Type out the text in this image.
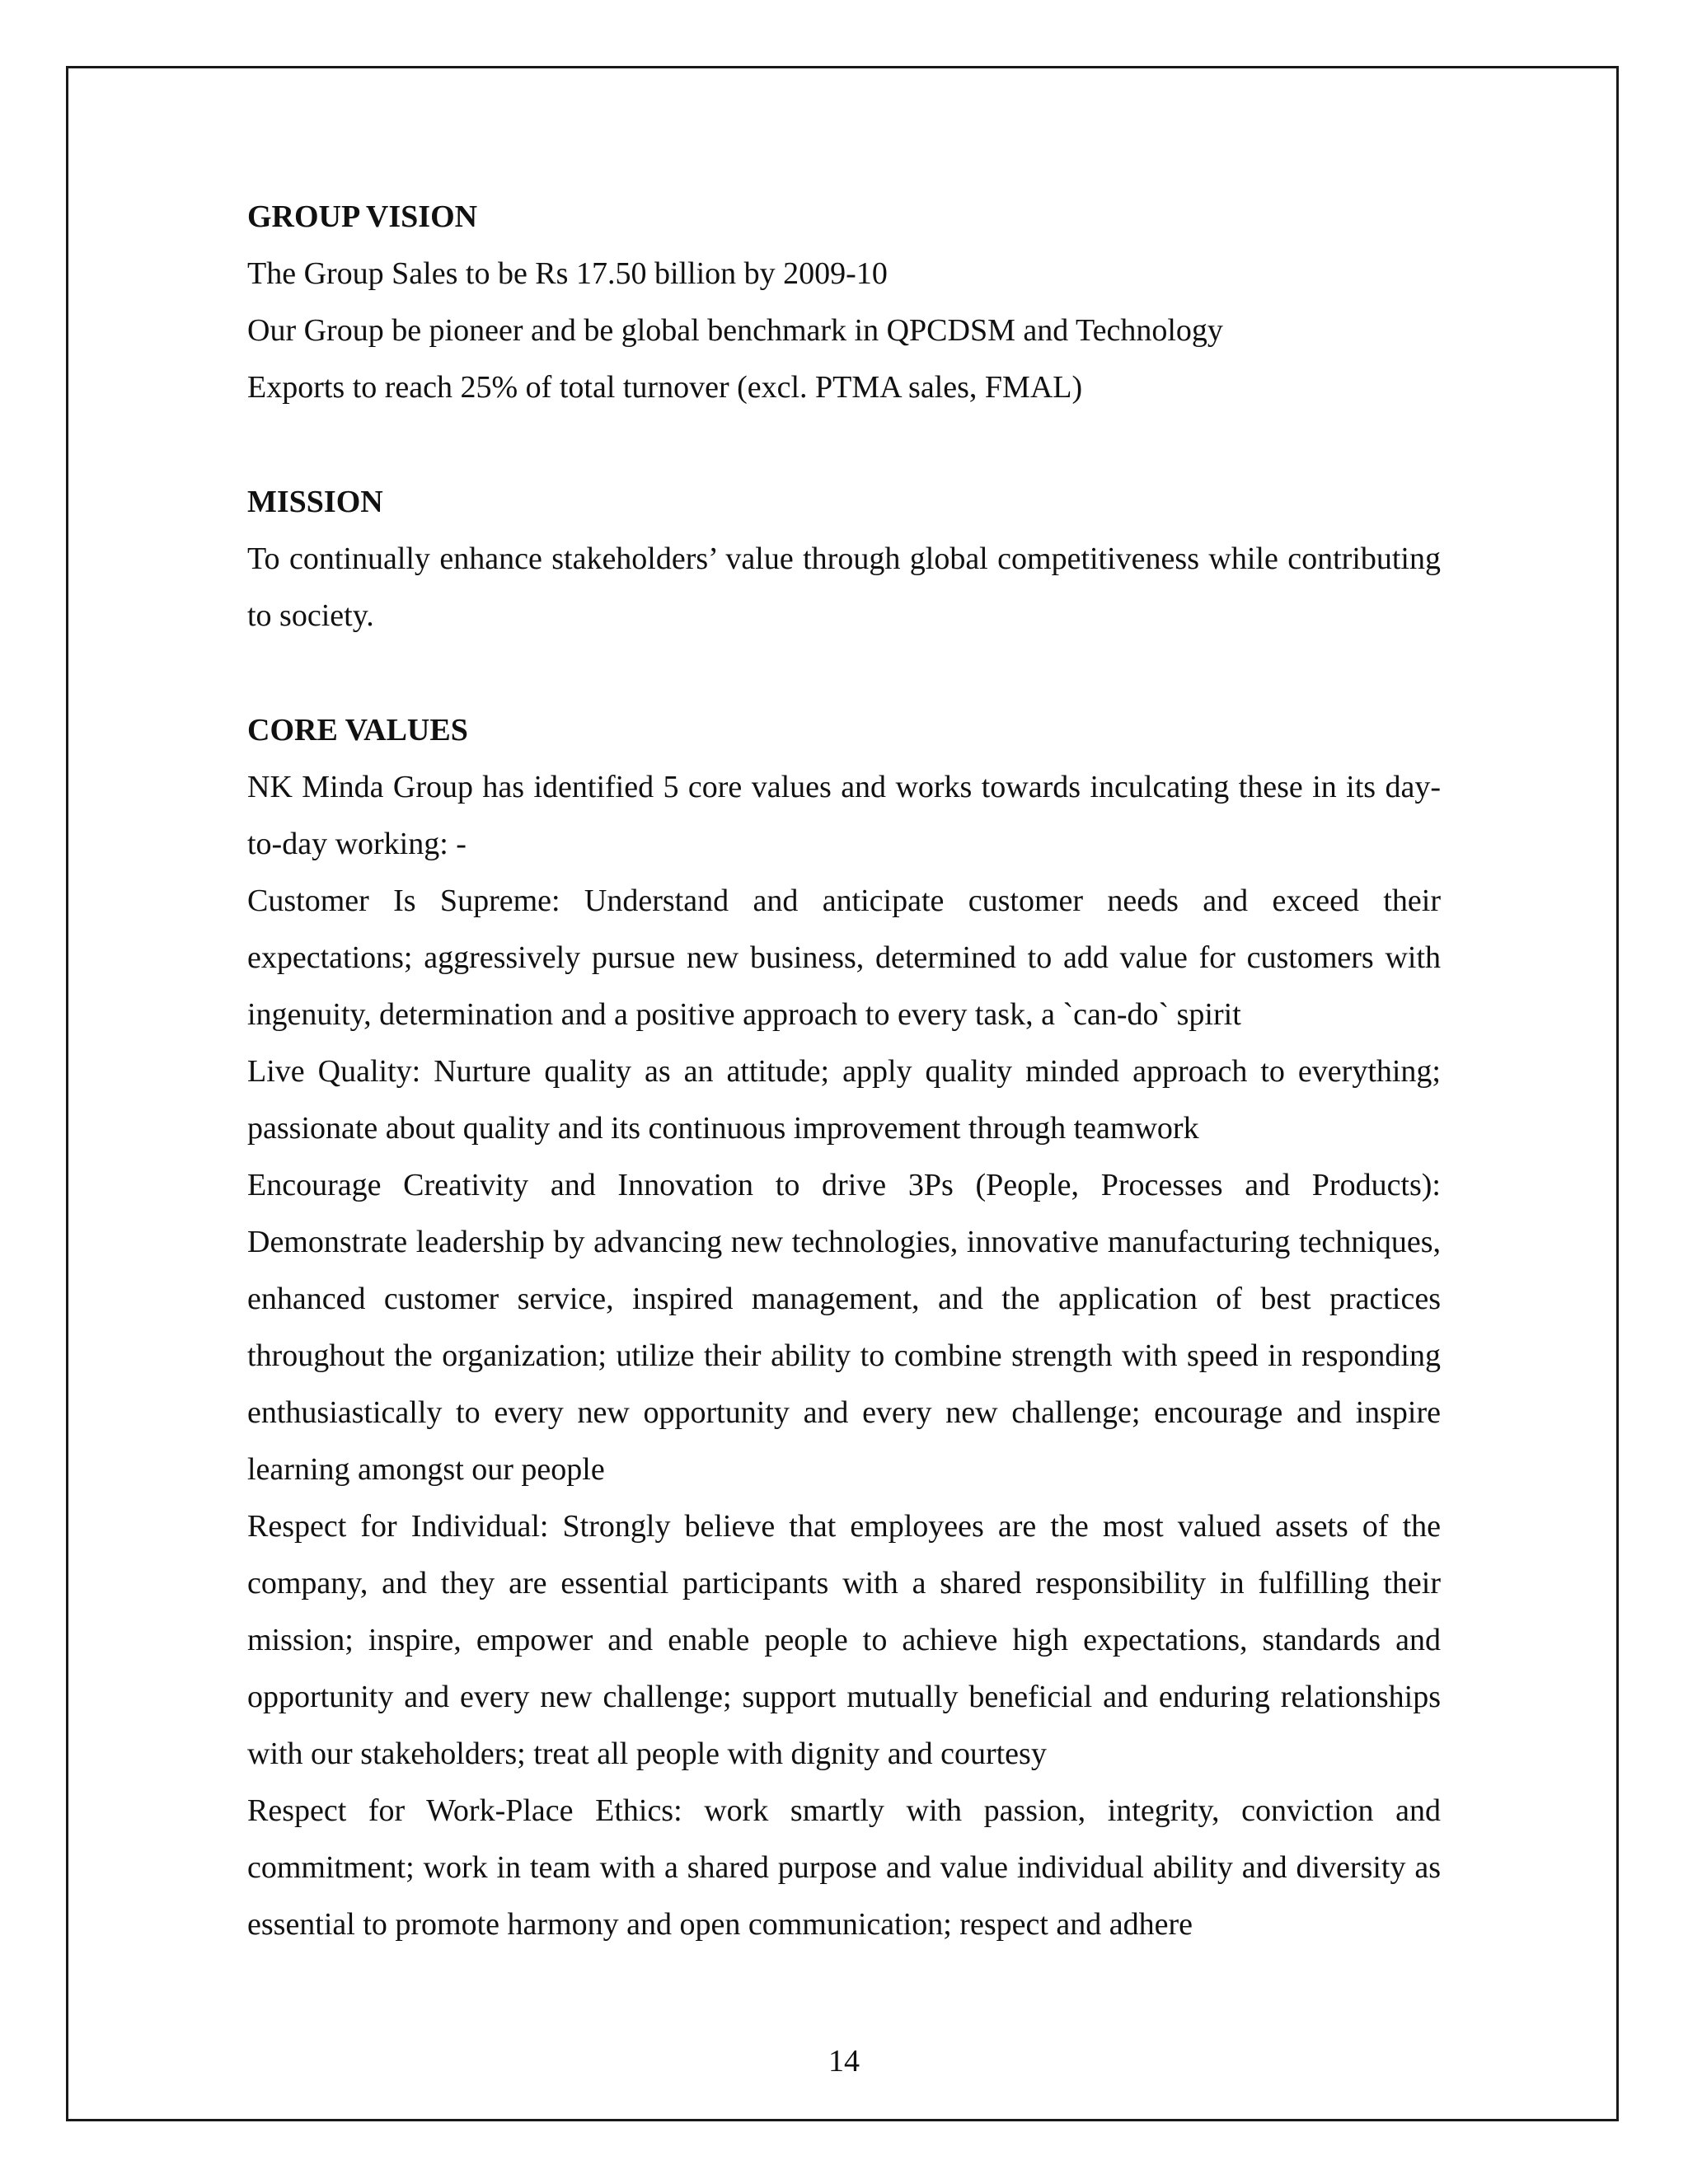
GROUP VISION

The Group Sales to be Rs 17.50 billion by 2009-10

Our Group be pioneer and be global benchmark in QPCDSM and Technology

Exports to reach 25% of total turnover (excl. PTMA sales, FMAL)

MISSION

To continually enhance stakeholders’ value through global competitiveness while contributing to society.

CORE VALUES

NK Minda Group has identified 5 core values and works towards inculcating these in its day-to-day working: -

Customer Is Supreme: Understand and anticipate customer needs and exceed their expectations; aggressively pursue new business, determined to add value for customers with ingenuity, determination and a positive approach to every task, a `can-do` spirit

Live Quality: Nurture quality as an attitude; apply quality minded approach to everything; passionate about quality and its continuous improvement through teamwork

Encourage Creativity and Innovation to drive 3Ps (People, Processes and Products): Demonstrate leadership by advancing new technologies, innovative manufacturing techniques, enhanced customer service, inspired management, and the application of best practices throughout the organization; utilize their ability to combine strength with speed in responding enthusiastically to every new opportunity and every new challenge; encourage and inspire learning amongst our people

Respect for Individual: Strongly believe that employees are the most valued assets of the company, and they are essential participants with a shared responsibility in fulfilling their mission; inspire, empower and enable people to achieve high expectations, standards and opportunity and every new challenge; support mutually beneficial and enduring relationships with our stakeholders; treat all people with dignity and courtesy

Respect for Work-Place Ethics: work smartly with passion, integrity, conviction and commitment; work in team with a shared purpose and value individual ability and diversity as essential to promote harmony and open communication; respect and adhere

14
